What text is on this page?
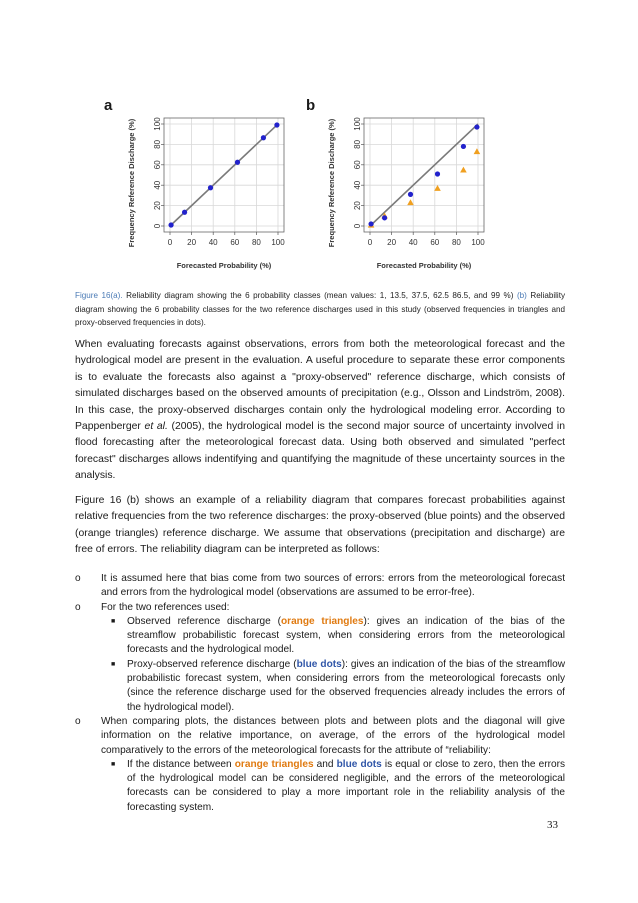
a	b
0 20 40 60 80 100
0
20
40
60
80
100
Forecasted Probability (%)
Frequency Reference Discharge (%)	0 20 40 60 80 100
0
20
40
60
80
100
Forecasted Probability (%)
Frequency Reference Discharge (%)
Figure 16(a). Reliability diagram showing the 6 probability classes (mean values: 1, 13.5, 37.5, 62.5 86.5, and 99 %) (b) Reliability diagram showing the 6 probability classes for the two reference discharges used in this study (observed frequencies in triangles and proxy-observed frequencies in dots).

When evaluating forecasts against observations, errors from both the meteorological forecast and the hydrological model are present in the evaluation. A useful procedure to separate these error components is to evaluate the forecasts also against a "proxy-observed" reference discharge, which consists of simulated discharges based on the observed amounts of precipitation (e.g., Olsson and Lindström, 2008). In this case, the proxy-observed discharges contain only the hydrological modeling error. According to Pappenberger et al. (2005), the hydrological model is the second major source of uncertainty involved in flood forecasting after the meteorological forecast data. Using both observed and simulated "perfect forecast" discharges allows indentifying and quantifying the magnitude of these uncertainty sources in the analysis.

Figure 16 (b) shows an example of a reliability diagram that compares forecast probabilities against relative frequencies from the two reference discharges: the proxy-observed (blue points) and the observed (orange triangles) reference discharge. We assume that observations (precipitation and discharge) are free of errors. The reliability diagram can be interpreted as follows:

o It is assumed here that bias come from two sources of errors: errors from the meteorological forecast and errors from the hydrological model (observations are assumed to be error-free).
o For the two references used:
■ Observed reference discharge (orange triangles): gives an indication of the bias of the streamflow probabilistic forecast system, when considering errors from the meteorological forecasts and the hydrological model.
■ Proxy-observed reference discharge (blue dots): gives an indication of the bias of the streamflow probabilistic forecast system, when considering errors from the meteorological forecasts only (since the reference discharge used for the observed frequencies already includes the errors of the hydrological model).
o When comparing plots, the distances between plots and between plots and the diagonal will give information on the relative importance, on average, of the errors of the hydrological model comparatively to the errors of the meteorological forecasts for the attribute of “reliability:
■ If the distance between orange triangles and blue dots is equal or close to zero, then the errors of the hydrological model can be considered negligible, and the errors of the meteorological forecasts can be considered to play a more important role in the reliability analysis of the forecasting system.
33
